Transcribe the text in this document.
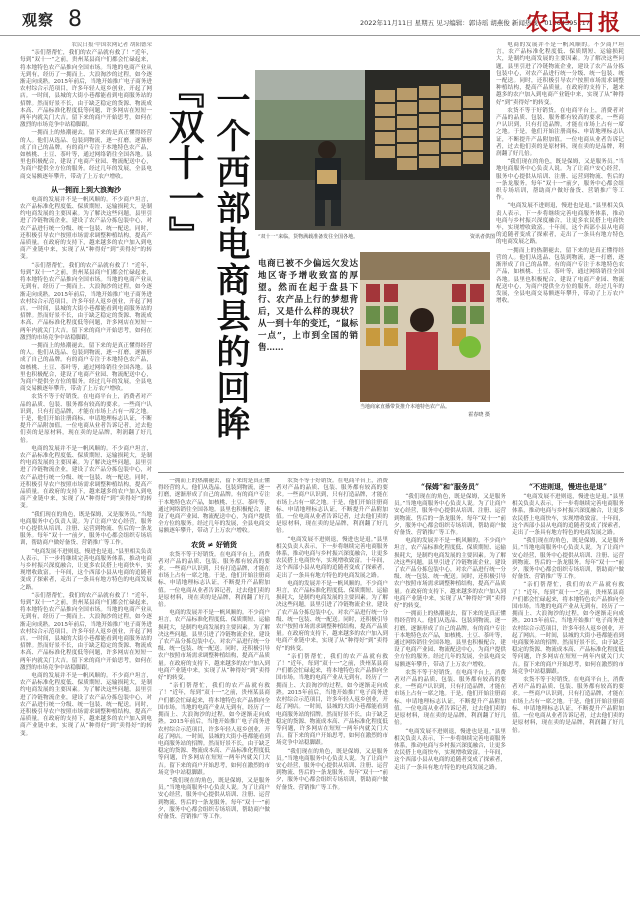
观察 8	2022年11月11日 星期五 见习编辑：郭诗瑶 胡燕俊 新闻热线：01064395117
农民日报
『双十一』 一个西部电商县的回眸

农民日报·中国农网记者 胡阳德荣

“亲们帮帮忙，我们的农产品就有救了！”近年，每到“双十一”之前，贵州某县商户们都会忙碌起来，将本地特色农产品推向全国市场。当地的电商产业从无到有，经历了一拥而上、大浪淘沙的过程，如今逐渐走向成熟。2015年前后，当地开始推广电子商务进农村综合示范项目，许多年轻人返乡创业，开起了网店。一时间，县城的大街小巷都能看到电商服务站的招牌。然而好景不长，由于缺乏稳定的货源、物流成本高、产品标准化程度低等问题，许多网店在短短一两年内就关门大吉。留下来的商户开始思考，如何在激烈的市场竞争中站稳脚跟。

一拥而上的热潮褪去，留下来的是真正懂得经营的人。他们从选品、包装到物流，逐一打磨，逐渐形成了自己的品牌。有的商户专注于本地特色农产品，如核桃、土豆、茶叶等，通过网络销往全国各地。县里也积极配合，建设了电商产业园、物流配送中心，为商户提供全方位的服务。经过几年的发展，全县电商交易额逐年攀升，带动了上万农户增收。

从一拥而上到大浪淘沙

电商的发展并不是一帆风顺的。不少商户坦言，农产品标准化程度低、保质期短、运输损耗大，是制约电商发展的主要因素。为了解决这些问题，县里引进了冷链物流企业，建设了农产品分拣包装中心，对农产品进行统一分级、统一包装、统一配送。同时，还积极引导农户按照市场需求调整种植结构，提高产品质量。在政府的支持下，越来越多的农户加入到电商产业链中来，实现了从“种得好”到“卖得好”的转变。

“亲们帮帮忙，我们的农产品就有救了！”近年，每到“双十一”之前，贵州某县商户们都会忙碌起来，将本地特色农产品推向全国市场。当地的电商产业从无到有，经历了一拥而上、大浪淘沙的过程，如今逐渐走向成熟。2015年前后，当地开始推广电子商务进农村综合示范项目，许多年轻人返乡创业，开起了网店。一时间，县城的大街小巷都能看到电商服务站的招牌。然而好景不长，由于缺乏稳定的货源、物流成本高、产品标准化程度低等问题，许多网店在短短一两年内就关门大吉。留下来的商户开始思考，如何在激烈的市场竞争中站稳脚跟。

一拥而上的热潮褪去，留下来的是真正懂得经营的人。他们从选品、包装到物流，逐一打磨，逐渐形成了自己的品牌。有的商户专注于本地特色农产品，如核桃、土豆、茶叶等，通过网络销往全国各地。县里也积极配合，建设了电商产业园、物流配送中心，为商户提供全方位的服务。经过几年的发展，全县电商交易额逐年攀升，带动了上万农户增收。

农货不等于好销货。在电商平台上，消费者对产品的品质、包装、服务都有较高的要求。一些商户认识到，只有打造品牌，才能在市场上占有一席之地。于是，他们开始注册商标、申请地理标志认证，不断提升产品附加值。一位电商从业者告诉记者，过去他们卖的是原材料，现在卖的是品牌，利润翻了好几倍。

电商的发展并不是一帆风顺的。不少商户坦言，农产品标准化程度低、保质期短、运输损耗大，是制约电商发展的主要因素。为了解决这些问题，县里引进了冷链物流企业，建设了农产品分拣包装中心，对农产品进行统一分级、统一包装、统一配送。同时，还积极引导农户按照市场需求调整种植结构，提高产品质量。在政府的支持下，越来越多的农户加入到电商产业链中来，实现了从“种得好”到“卖得好”的转变。

“我们现在的角色，既是保姆，又是服务员。”当地电商服务中心负责人说。为了让商户安心经营，服务中心提供从培训、注册、运营到物流、售后的一条龙服务。每年“双十一”前夕，服务中心都会组织专场培训，帮助商户做好备货、营销推广等工作。

“电商发展不进则退，慢进也是退。”县里相关负责人表示，下一步将继续完善电商服务体系，推动电商与乡村振兴深度融合，让更多农民搭上电商快车，实现增收致富。十年间，这个西部小县从电商的追随者变成了探索者，走出了一条具有地方特色的电商发展之路。

“亲们帮帮忙，我们的农产品就有救了！”近年，每到“双十一”之前，贵州某县商户们都会忙碌起来，将本地特色农产品推向全国市场。当地的电商产业从无到有，经历了一拥而上、大浪淘沙的过程，如今逐渐走向成熟。2015年前后，当地开始推广电子商务进农村综合示范项目，许多年轻人返乡创业，开起了网店。一时间，县城的大街小巷都能看到电商服务站的招牌。然而好景不长，由于缺乏稳定的货源、物流成本高、产品标准化程度低等问题，许多网店在短短一两年内就关门大吉。留下来的商户开始思考，如何在激烈的市场竞争中站稳脚跟。

电商的发展并不是一帆风顺的。不少商户坦言，农产品标准化程度低、保质期短、运输损耗大，是制约电商发展的主要因素。为了解决这些问题，县里引进了冷链物流企业，建设了农产品分拣包装中心，对农产品进行统一分级、统一包装、统一配送。同时，还积极引导农户按照市场需求调整种植结构，提高产品质量。在政府的支持下，越来越多的农户加入到电商产业链中来，实现了从“种得好”到“卖得好”的转变。

“双十一”来临，货物满载准备发往全国各地。	资讯者供图
电商已被不少偏远欠发达地区寄予增收致富的厚望。然而在起于盘县下行、农产品上行的梦想背后，又是什么样的现状？从一到十年的变迁，“鼠标一点”，上市到全国的销售……
当地商家直播带货推介本地特色农产品。
霍春晓 摄

电商的发展并不是一帆风顺的。不少商户坦言，农产品标准化程度低、保质期短、运输损耗大，是制约电商发展的主要因素。为了解决这些问题，县里引进了冷链物流企业，建设了农产品分拣包装中心，对农产品进行统一分级、统一包装、统一配送。同时，还积极引导农户按照市场需求调整种植结构，提高产品质量。在政府的支持下，越来越多的农户加入到电商产业链中来，实现了从“种得好”到“卖得好”的转变。

农货不等于好销货。在电商平台上，消费者对产品的品质、包装、服务都有较高的要求。一些商户认识到，只有打造品牌，才能在市场上占有一席之地。于是，他们开始注册商标、申请地理标志认证，不断提升产品附加值。一位电商从业者告诉记者，过去他们卖的是原材料，现在卖的是品牌，利润翻了好几倍。

“我们现在的角色，既是保姆，又是服务员。”当地电商服务中心负责人说。为了让商户安心经营，服务中心提供从培训、注册、运营到物流、售后的一条龙服务。每年“双十一”前夕，服务中心都会组织专场培训，帮助商户做好备货、营销推广等工作。

“电商发展不进则退，慢进也是退。”县里相关负责人表示，下一步将继续完善电商服务体系，推动电商与乡村振兴深度融合，让更多农民搭上电商快车，实现增收致富。十年间，这个西部小县从电商的追随者变成了探索者，走出了一条具有地方特色的电商发展之路。

一拥而上的热潮褪去，留下来的是真正懂得经营的人。他们从选品、包装到物流，逐一打磨，逐渐形成了自己的品牌。有的商户专注于本地特色农产品，如核桃、土豆、茶叶等，通过网络销往全国各地。县里也积极配合，建设了电商产业园、物流配送中心，为商户提供全方位的服务。经过几年的发展，全县电商交易额逐年攀升，带动了上万农户增收。

一拥而上的热潮褪去，留下来的是真正懂得经营的人。他们从选品、包装到物流，逐一打磨，逐渐形成了自己的品牌。有的商户专注于本地特色农产品，如核桃、土豆、茶叶等，通过网络销往全国各地。县里也积极配合，建设了电商产业园、物流配送中心，为商户提供全方位的服务。经过几年的发展，全县电商交易额逐年攀升，带动了上万农户增收。

农货 ≠ 好销货

农货不等于好销货。在电商平台上，消费者对产品的品质、包装、服务都有较高的要求。一些商户认识到，只有打造品牌，才能在市场上占有一席之地。于是，他们开始注册商标、申请地理标志认证，不断提升产品附加值。一位电商从业者告诉记者，过去他们卖的是原材料，现在卖的是品牌，利润翻了好几倍。

电商的发展并不是一帆风顺的。不少商户坦言，农产品标准化程度低、保质期短、运输损耗大，是制约电商发展的主要因素。为了解决这些问题，县里引进了冷链物流企业，建设了农产品分拣包装中心，对农产品进行统一分级、统一包装、统一配送。同时，还积极引导农户按照市场需求调整种植结构，提高产品质量。在政府的支持下，越来越多的农户加入到电商产业链中来，实现了从“种得好”到“卖得好”的转变。

“亲们帮帮忙，我们的农产品就有救了！”近年，每到“双十一”之前，贵州某县商户们都会忙碌起来，将本地特色农产品推向全国市场。当地的电商产业从无到有，经历了一拥而上、大浪淘沙的过程，如今逐渐走向成熟。2015年前后，当地开始推广电子商务进农村综合示范项目，许多年轻人返乡创业，开起了网店。一时间，县城的大街小巷都能看到电商服务站的招牌。然而好景不长，由于缺乏稳定的货源、物流成本高、产品标准化程度低等问题，许多网店在短短一两年内就关门大吉。留下来的商户开始思考，如何在激烈的市场竞争中站稳脚跟。

“我们现在的角色，既是保姆，又是服务员。”当地电商服务中心负责人说。为了让商户安心经营，服务中心提供从培训、注册、运营到物流、售后的一条龙服务。每年“双十一”前夕，服务中心都会组织专场培训，帮助商户做好备货、营销推广等工作。

农货不等于好销货。在电商平台上，消费者对产品的品质、包装、服务都有较高的要求。一些商户认识到，只有打造品牌，才能在市场上占有一席之地。于是，他们开始注册商标、申请地理标志认证，不断提升产品附加值。一位电商从业者告诉记者，过去他们卖的是原材料，现在卖的是品牌，利润翻了好几倍。

“电商发展不进则退，慢进也是退。”县里相关负责人表示，下一步将继续完善电商服务体系，推动电商与乡村振兴深度融合，让更多农民搭上电商快车，实现增收致富。十年间，这个西部小县从电商的追随者变成了探索者，走出了一条具有地方特色的电商发展之路。

电商的发展并不是一帆风顺的。不少商户坦言，农产品标准化程度低、保质期短、运输损耗大，是制约电商发展的主要因素。为了解决这些问题，县里引进了冷链物流企业，建设了农产品分拣包装中心，对农产品进行统一分级、统一包装、统一配送。同时，还积极引导农户按照市场需求调整种植结构，提高产品质量。在政府的支持下，越来越多的农户加入到电商产业链中来，实现了从“种得好”到“卖得好”的转变。

“亲们帮帮忙，我们的农产品就有救了！”近年，每到“双十一”之前，贵州某县商户们都会忙碌起来，将本地特色农产品推向全国市场。当地的电商产业从无到有，经历了一拥而上、大浪淘沙的过程，如今逐渐走向成熟。2015年前后，当地开始推广电子商务进农村综合示范项目，许多年轻人返乡创业，开起了网店。一时间，县城的大街小巷都能看到电商服务站的招牌。然而好景不长，由于缺乏稳定的货源、物流成本高、产品标准化程度低等问题，许多网店在短短一两年内就关门大吉。留下来的商户开始思考，如何在激烈的市场竞争中站稳脚跟。

“我们现在的角色，既是保姆，又是服务员。”当地电商服务中心负责人说。为了让商户安心经营，服务中心提供从培训、注册、运营到物流、售后的一条龙服务。每年“双十一”前夕，服务中心都会组织专场培训，帮助商户做好备货、营销推广等工作。

“保姆”和“服务员”

“我们现在的角色，既是保姆，又是服务员。”当地电商服务中心负责人说。为了让商户安心经营，服务中心提供从培训、注册、运营到物流、售后的一条龙服务。每年“双十一”前夕，服务中心都会组织专场培训，帮助商户做好备货、营销推广等工作。

电商的发展并不是一帆风顺的。不少商户坦言，农产品标准化程度低、保质期短、运输损耗大，是制约电商发展的主要因素。为了解决这些问题，县里引进了冷链物流企业，建设了农产品分拣包装中心，对农产品进行统一分级、统一包装、统一配送。同时，还积极引导农户按照市场需求调整种植结构，提高产品质量。在政府的支持下，越来越多的农户加入到电商产业链中来，实现了从“种得好”到“卖得好”的转变。

一拥而上的热潮褪去，留下来的是真正懂得经营的人。他们从选品、包装到物流，逐一打磨，逐渐形成了自己的品牌。有的商户专注于本地特色农产品，如核桃、土豆、茶叶等，通过网络销往全国各地。县里也积极配合，建设了电商产业园、物流配送中心，为商户提供全方位的服务。经过几年的发展，全县电商交易额逐年攀升，带动了上万农户增收。

农货不等于好销货。在电商平台上，消费者对产品的品质、包装、服务都有较高的要求。一些商户认识到，只有打造品牌，才能在市场上占有一席之地。于是，他们开始注册商标、申请地理标志认证，不断提升产品附加值。一位电商从业者告诉记者，过去他们卖的是原材料，现在卖的是品牌，利润翻了好几倍。

“电商发展不进则退，慢进也是退。”县里相关负责人表示，下一步将继续完善电商服务体系，推动电商与乡村振兴深度融合，让更多农民搭上电商快车，实现增收致富。十年间，这个西部小县从电商的追随者变成了探索者，走出了一条具有地方特色的电商发展之路。

“不进则退，慢进也是退”

“电商发展不进则退，慢进也是退。”县里相关负责人表示，下一步将继续完善电商服务体系，推动电商与乡村振兴深度融合，让更多农民搭上电商快车，实现增收致富。十年间，这个西部小县从电商的追随者变成了探索者，走出了一条具有地方特色的电商发展之路。

“我们现在的角色，既是保姆，又是服务员。”当地电商服务中心负责人说。为了让商户安心经营，服务中心提供从培训、注册、运营到物流、售后的一条龙服务。每年“双十一”前夕，服务中心都会组织专场培训，帮助商户做好备货、营销推广等工作。

“亲们帮帮忙，我们的农产品就有救了！”近年，每到“双十一”之前，贵州某县商户们都会忙碌起来，将本地特色农产品推向全国市场。当地的电商产业从无到有，经历了一拥而上、大浪淘沙的过程，如今逐渐走向成熟。2015年前后，当地开始推广电子商务进农村综合示范项目，许多年轻人返乡创业，开起了网店。一时间，县城的大街小巷都能看到电商服务站的招牌。然而好景不长，由于缺乏稳定的货源、物流成本高、产品标准化程度低等问题，许多网店在短短一两年内就关门大吉。留下来的商户开始思考，如何在激烈的市场竞争中站稳脚跟。

农货不等于好销货。在电商平台上，消费者对产品的品质、包装、服务都有较高的要求。一些商户认识到，只有打造品牌，才能在市场上占有一席之地。于是，他们开始注册商标、申请地理标志认证，不断提升产品附加值。一位电商从业者告诉记者，过去他们卖的是原材料，现在卖的是品牌，利润翻了好几倍。
